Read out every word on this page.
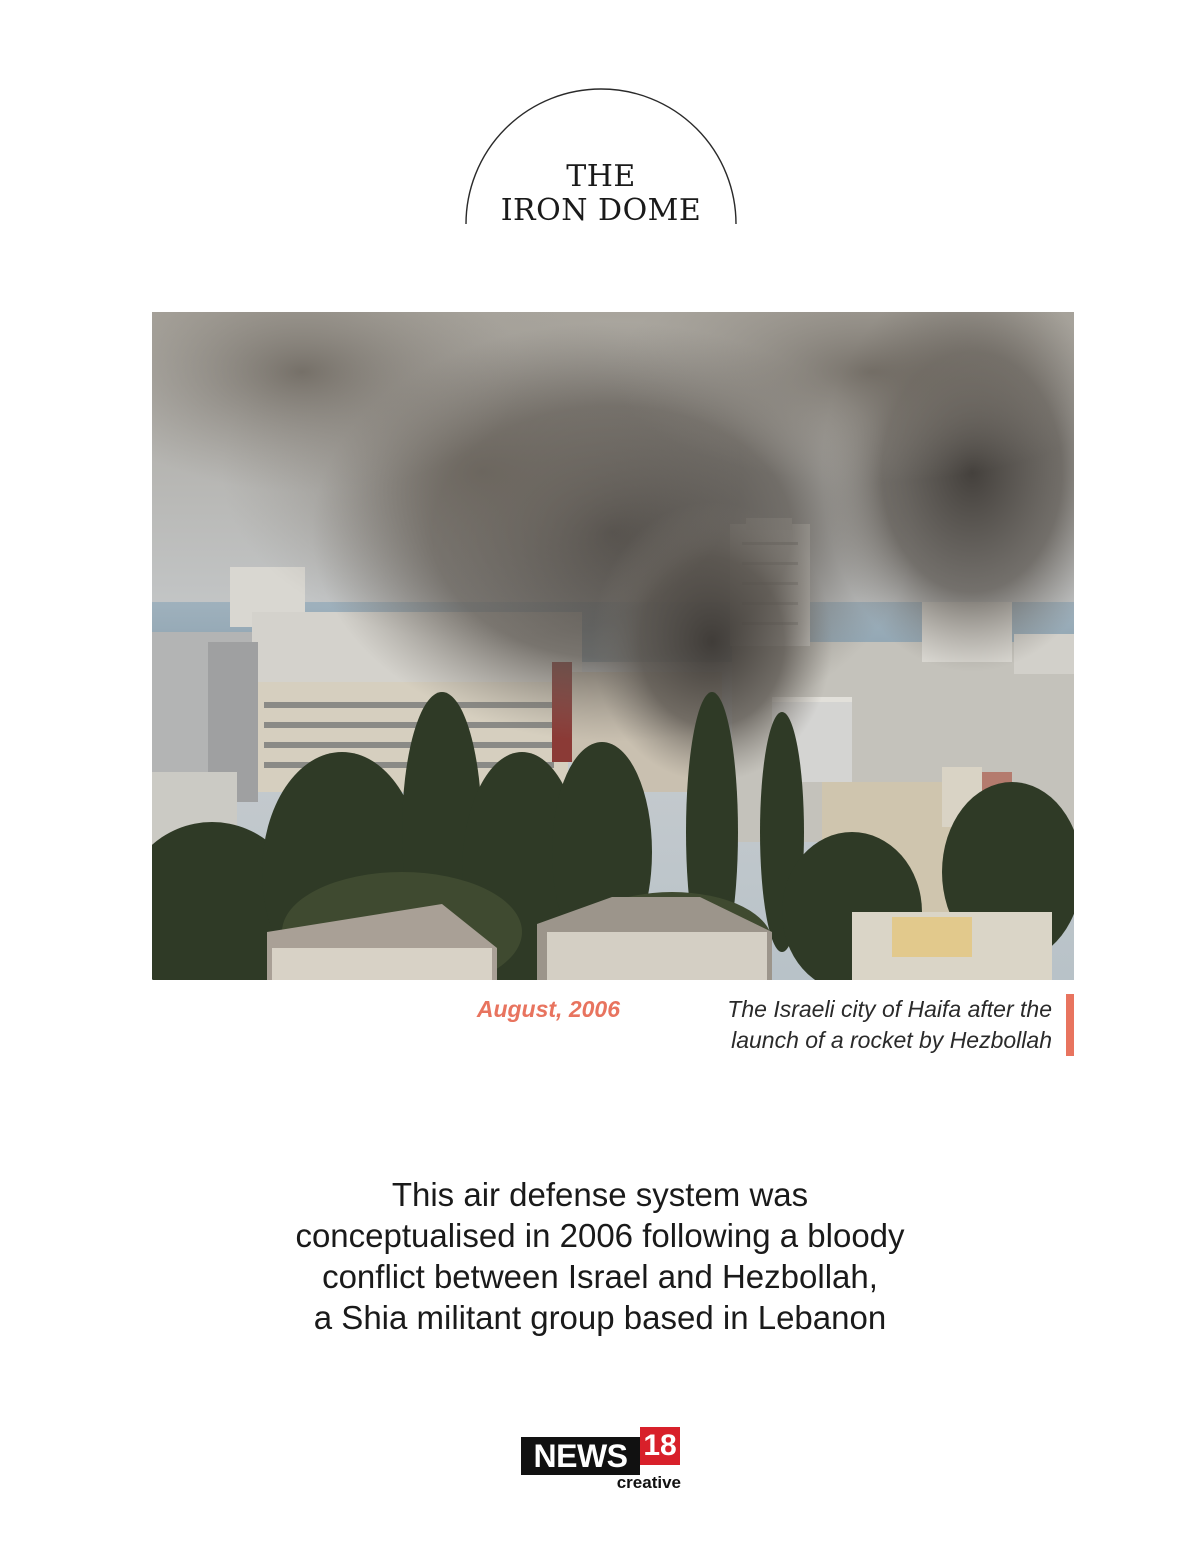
THE
IRON DOME
August, 2006	The Israeli city of Haifa after the
launch of a rocket by Hezbollah
This air defense system was
conceptualised in 2006 following a bloody
conflict between Israel and Hezbollah,
a Shia militant group based in Lebanon
NEWS 18
creative
